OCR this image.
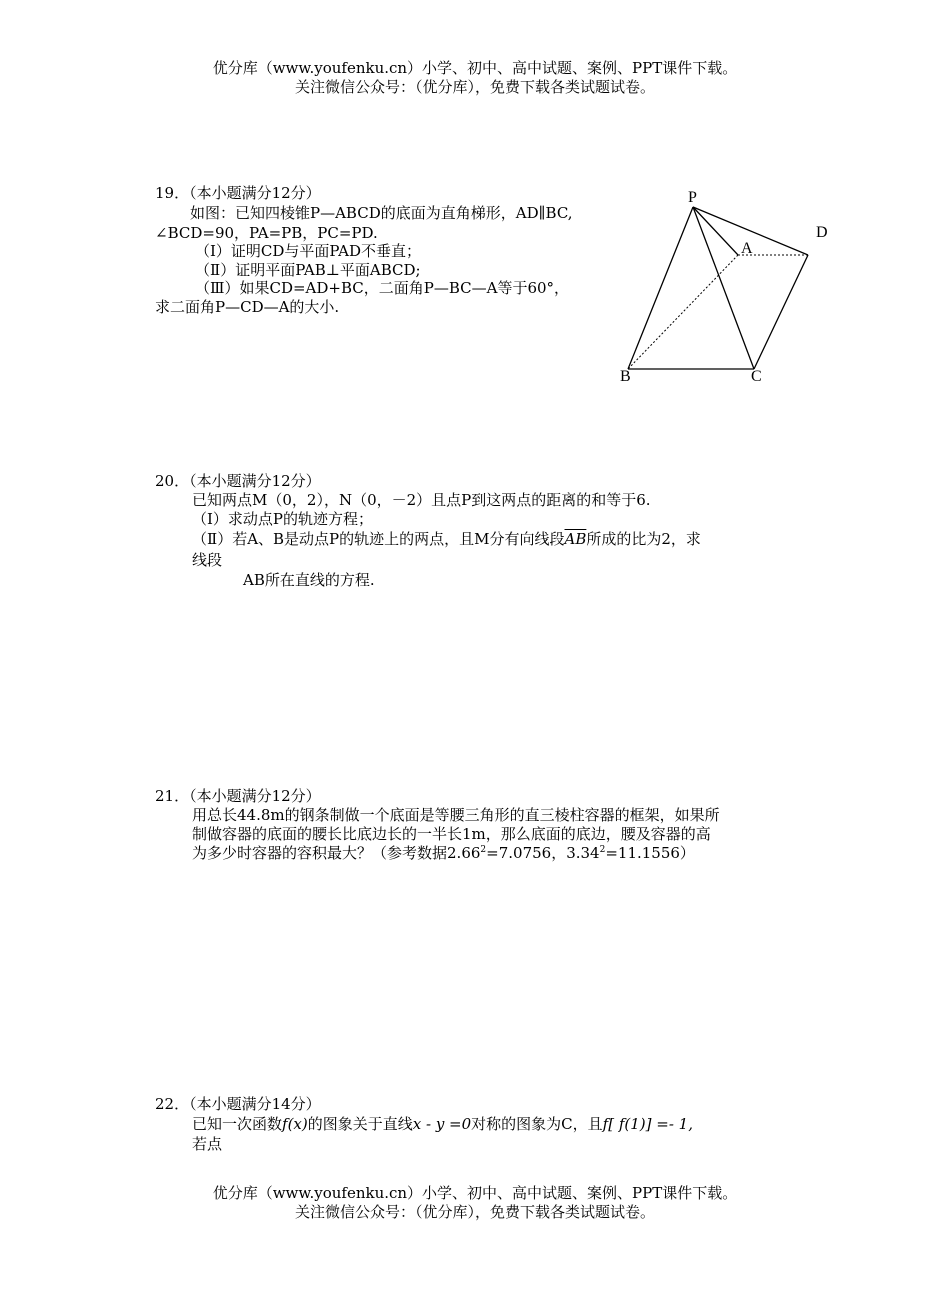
优分库（www.youfenku.cn）小学、初中、高中试题、案例、PPT课件下载。
关注微信公众号：（优分库），免费下载各类试题试卷。
19．（本小题满分12分）
如图：已知四棱锥P—ABCD的底面为直角梯形，AD∥BC,
∠BCD=90，PA=PB，PC=PD.
（Ⅰ）证明CD与平面PAD不垂直；
（Ⅱ）证明平面PAB⊥平面ABCD;
（Ⅲ）如果CD=AD+BC，二面角P—BC—A等于60°，
求二面角P—CD—A的大小.
P
A
D
B	C
20．（本小题满分12分）
已知两点M（0，2），N（0，－2）且点P到这两点的距离的和等于6.
（Ⅰ）求动点P的轨迹方程；
（Ⅱ）若A、B是动点P的轨迹上的两点，且M分有向线段$\overline{AB}$所成的比为2，求
线段
AB所在直线的方程.
21．（本小题满分12分）
用总长44.8m的钢条制做一个底面是等腰三角形的直三棱柱容器的框架，如果所
制做容器的底面的腰长比底边长的一半长1m，那么底面的底边，腰及容器的高
为多少时容器的容积最大？（参考数据$2.66^2=7.0756$，$3.34^2=11.1556$）
22．（本小题满分14分）
已知一次函数f(x)的图象关于直线x - y =0对称的图象为C，且f[ f(1)] =- 1,
若点
优分库（www.youfenku.cn）小学、初中、高中试题、案例、PPT课件下载。
关注微信公众号：（优分库），免费下载各类试题试卷。
